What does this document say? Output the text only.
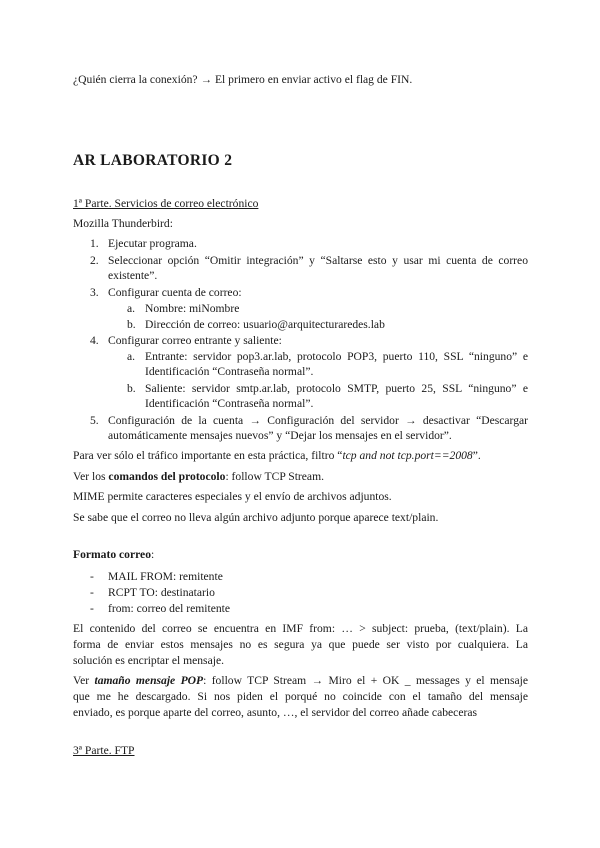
¿Quién cierra la conexión? → El primero en enviar activo el flag de FIN.
AR LABORATORIO 2
1ª Parte. Servicios de correo electrónico
Mozilla Thunderbird:
1. Ejecutar programa.
2. Seleccionar opción “Omitir integración” y “Saltarse esto y usar mi cuenta de correo
existente”.
3. Configurar cuenta de correo:
a. Nombre: miNombre
b. Dirección de correo: usuario@arquitecturaredes.lab
4. Configurar correo entrante y saliente:
a. Entrante: servidor pop3.ar.lab, protocolo POP3, puerto 110, SSL “ninguno” e
Identificación “Contraseña normal”.
b. Saliente: servidor smtp.ar.lab, protocolo SMTP, puerto 25, SSL “ninguno” e
Identificación “Contraseña normal”.
5. Configuración de la cuenta → Configuración del servidor → desactivar “Descargar
automáticamente mensajes nuevos” y “Dejar los mensajes en el servidor”.
Para ver sólo el tráfico importante en esta práctica, filtro “tcp and not tcp.port==2008”.
Ver los comandos del protocolo: follow TCP Stream.
MIME permite caracteres especiales y el envío de archivos adjuntos.
Se sabe que el correo no lleva algún archivo adjunto porque aparece text/plain.
Formato correo:
- MAIL FROM: remitente
- RCPT TO: destinatario
- from: correo del remitente
El contenido del correo se encuentra en IMF from: … > subject: prueba, (text/plain). La
forma de enviar estos mensajes no es segura ya que puede ser visto por cualquiera. La
solución es encriptar el mensaje.
Ver tamaño mensaje POP: follow TCP Stream → Miro el + OK _ messages y el mensaje
que me he descargado. Si nos piden el porqué no coincide con el tamaño del mensaje
enviado, es porque aparte del correo, asunto, …, el servidor del correo añade cabeceras
3ª Parte. FTP
